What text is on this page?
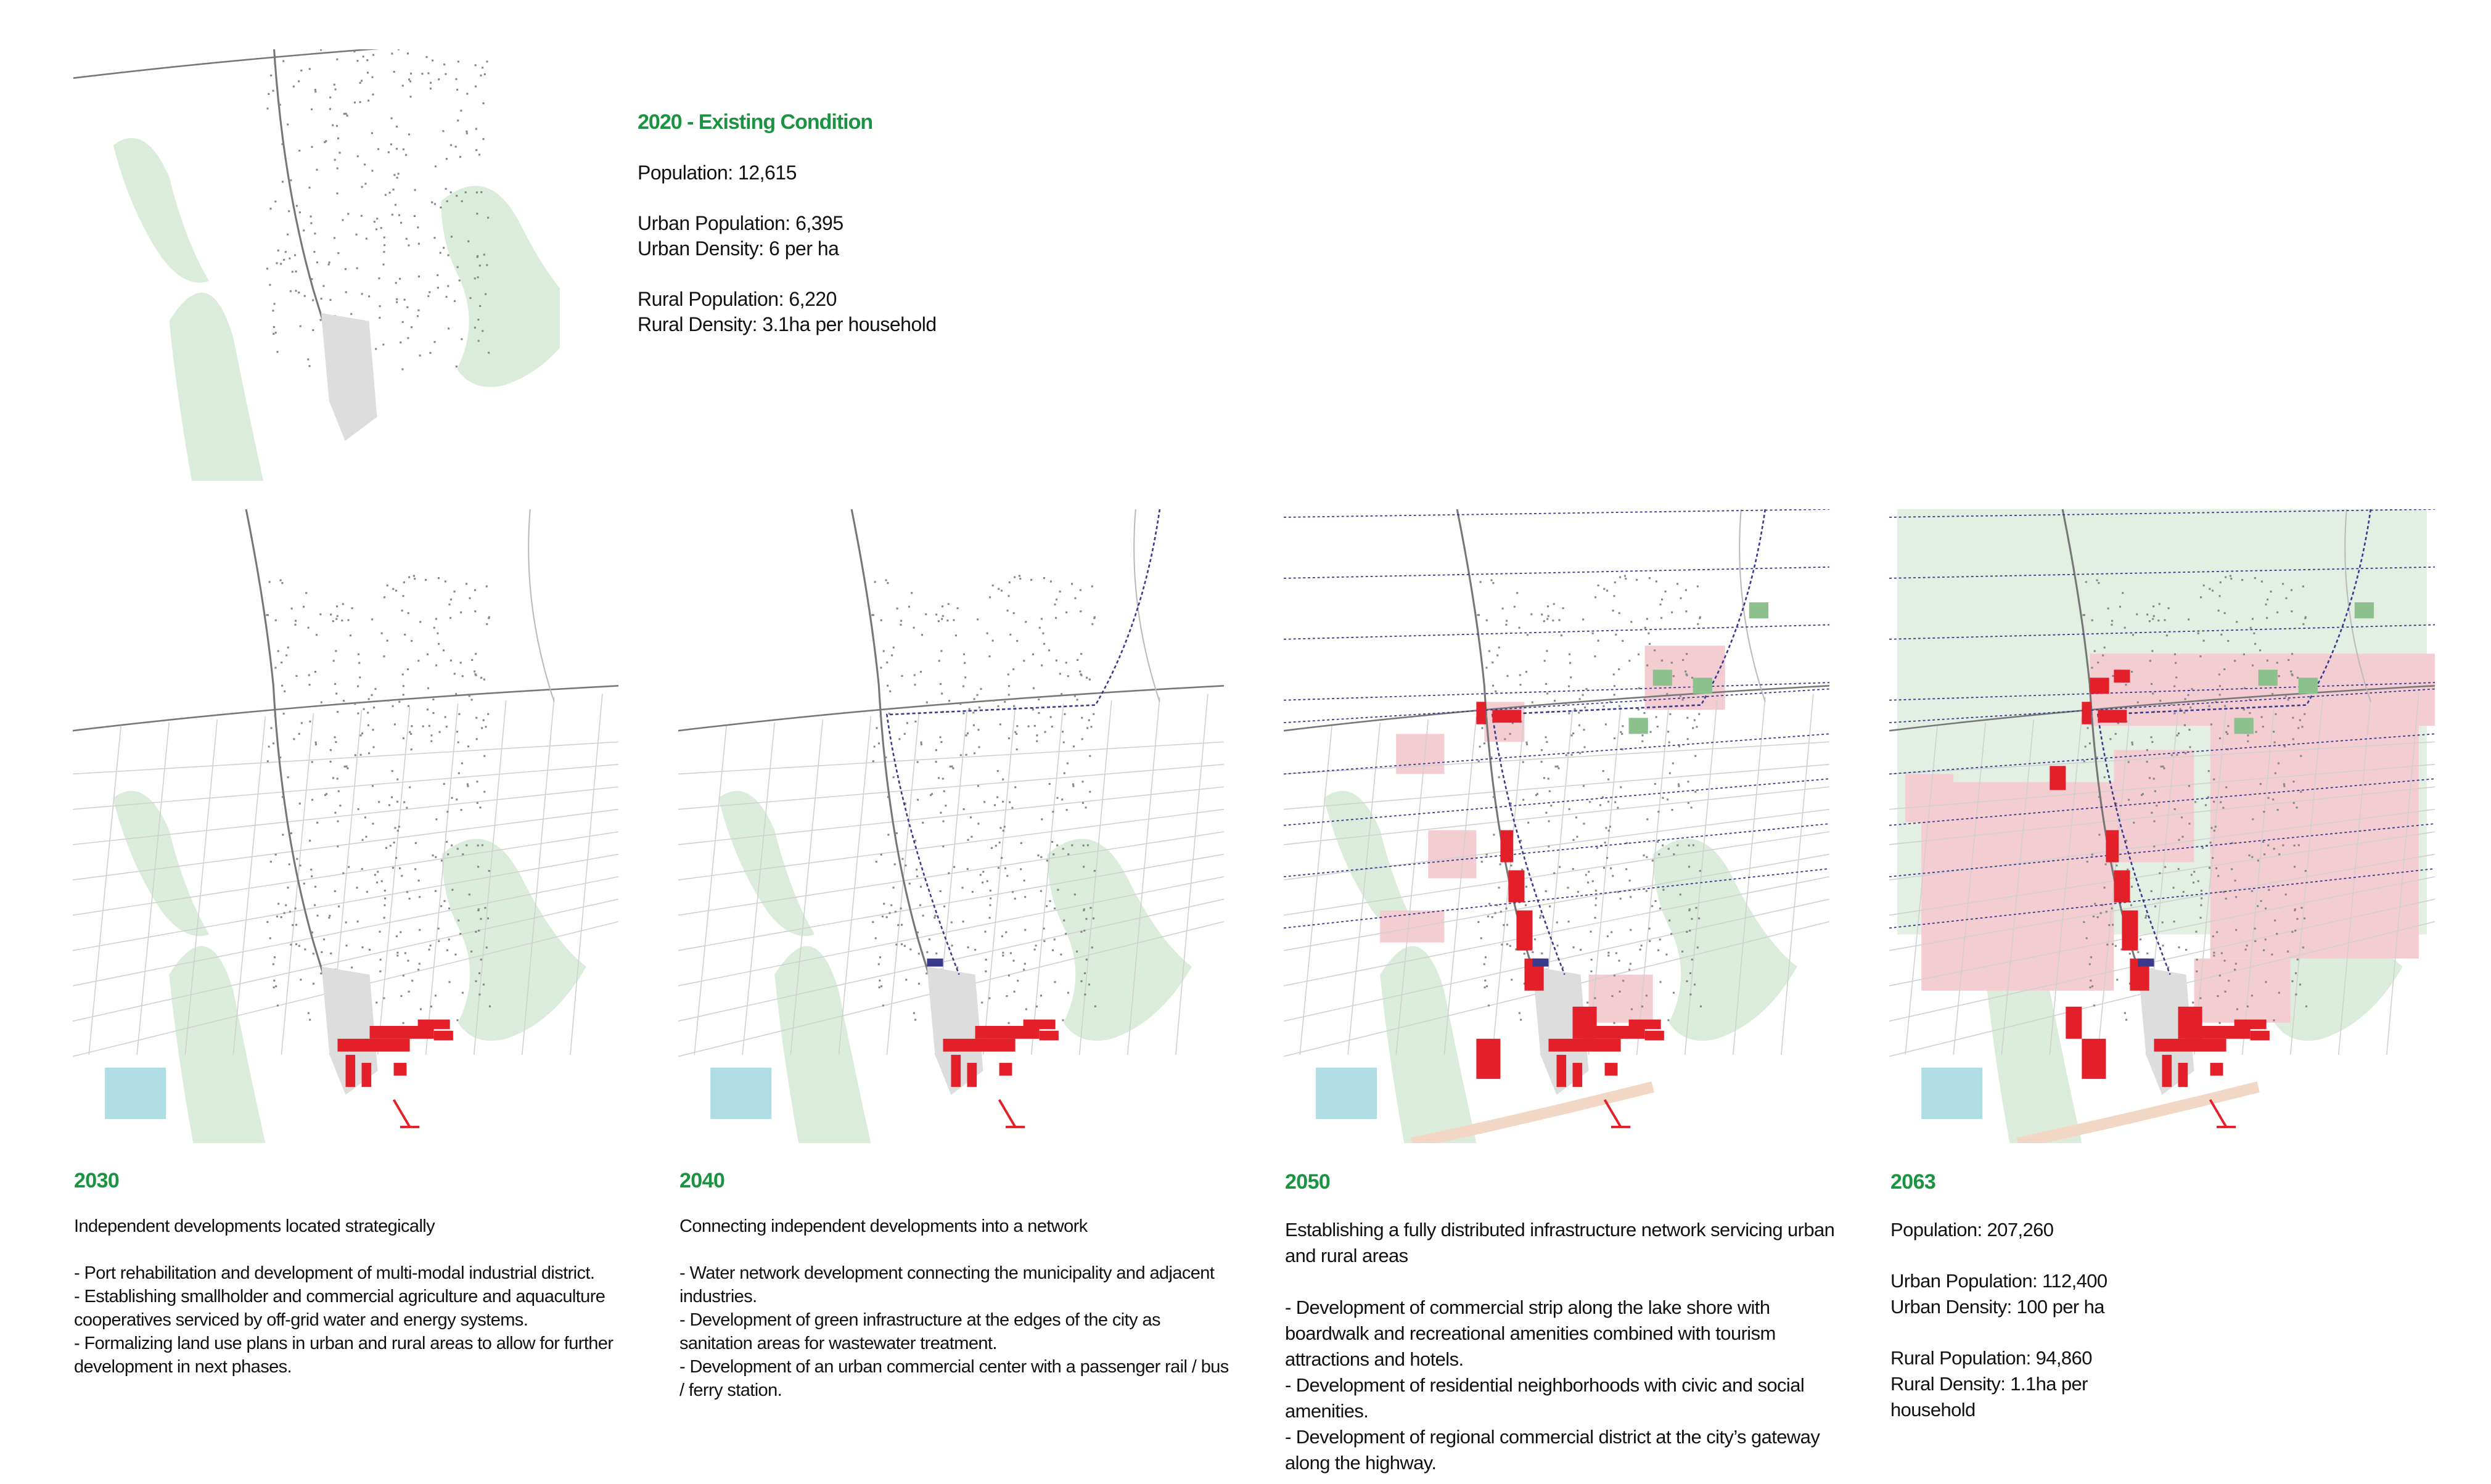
2020 - Existing Condition
Population: 12,615
Urban Population: 6,395
Urban Density: 6 per ha
Rural Population: 6,220
Rural Density: 3.1ha per household
2030

Independent developments located strategically

- Port rehabilitation and development of multi-modal industrial district.

- Establishing smallholder and commercial agriculture and aquaculture cooperatives serviced by off-grid water and energy systems.

- Formalizing land use plans in urban and rural areas to allow for further development in next phases.

2040

Connecting independent developments into a network

- Water network development connecting the municipality and adjacent industries.

- Development of green infrastructure at the edges of the city as sanitation areas for wastewater treatment.

- Development of an urban commercial center with a passenger rail / bus / ferry station.

2050

Establishing a fully distributed infrastructure network servicing urban and rural areas

- Development of commercial strip along the lake shore with boardwalk and recreational amenities combined with tourism attractions and hotels.

- Development of residential neighborhoods with civic and social amenities.

- Development of regional commercial district at the city’s gateway along the highway.

2063

Population: 207,260

Urban Population: 112,400

Urban Density: 100 per ha

Rural Population: 94,860

Rural Density: 1.1ha per household
